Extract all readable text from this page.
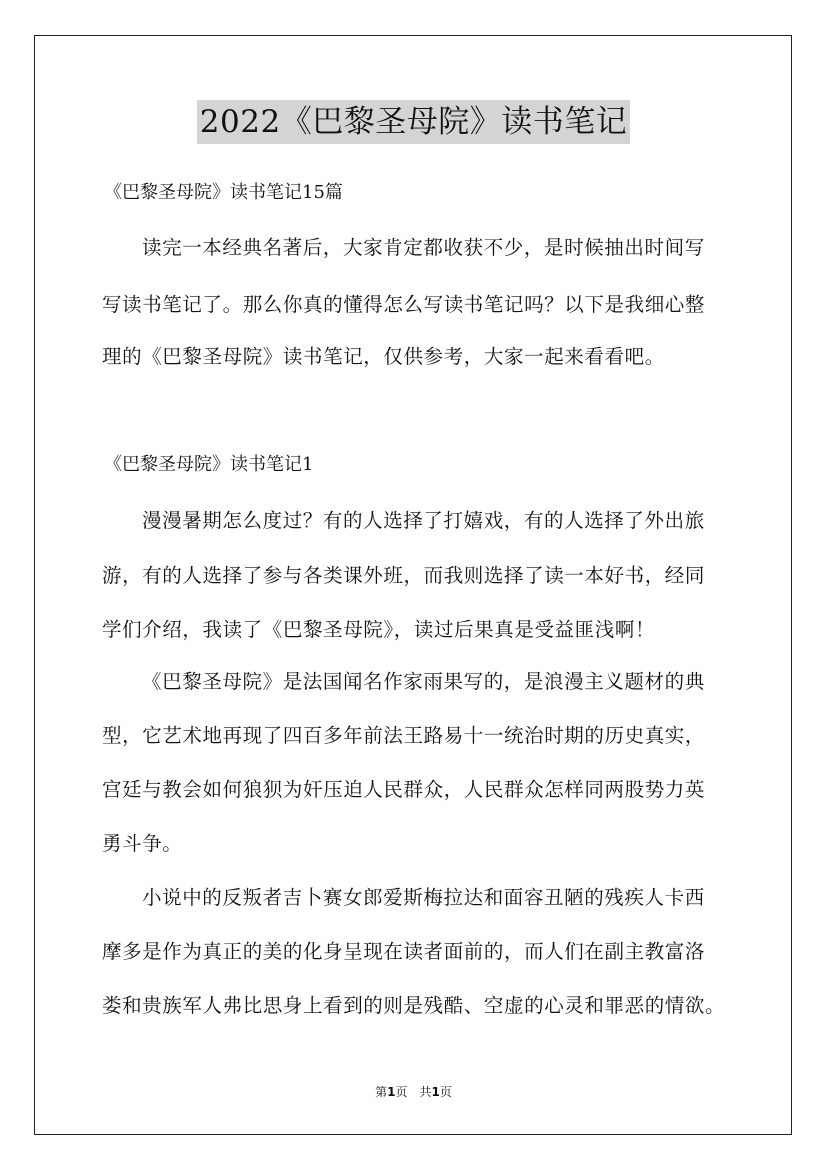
2022《巴黎圣母院》读书笔记
《巴黎圣母院》读书笔记15篇
读完一本经典名著后，大家肯定都收获不少，是时候抽出时间写
写读书笔记了。那么你真的懂得怎么写读书笔记吗？以下是我细心整
理的《巴黎圣母院》读书笔记，仅供参考，大家一起来看看吧。
《巴黎圣母院》读书笔记1
漫漫暑期怎么度过？有的人选择了打嬉戏，有的人选择了外出旅
游，有的人选择了参与各类课外班，而我则选择了读一本好书，经同
学们介绍，我读了《巴黎圣母院》，读过后果真是受益匪浅啊！
《巴黎圣母院》是法国闻名作家雨果写的，是浪漫主义题材的典
型，它艺术地再现了四百多年前法王路易十一统治时期的历史真实，
宫廷与教会如何狼狈为奸压迫人民群众，人民群众怎样同两股势力英
勇斗争。
小说中的反叛者吉卜赛女郎爱斯梅拉达和面容丑陋的残疾人卡西
摩多是作为真正的美的化身呈现在读者面前的，而人们在副主教富洛
娄和贵族军人弗比思身上看到的则是残酷、空虚的心灵和罪恶的情欲。
第1页　共1页
